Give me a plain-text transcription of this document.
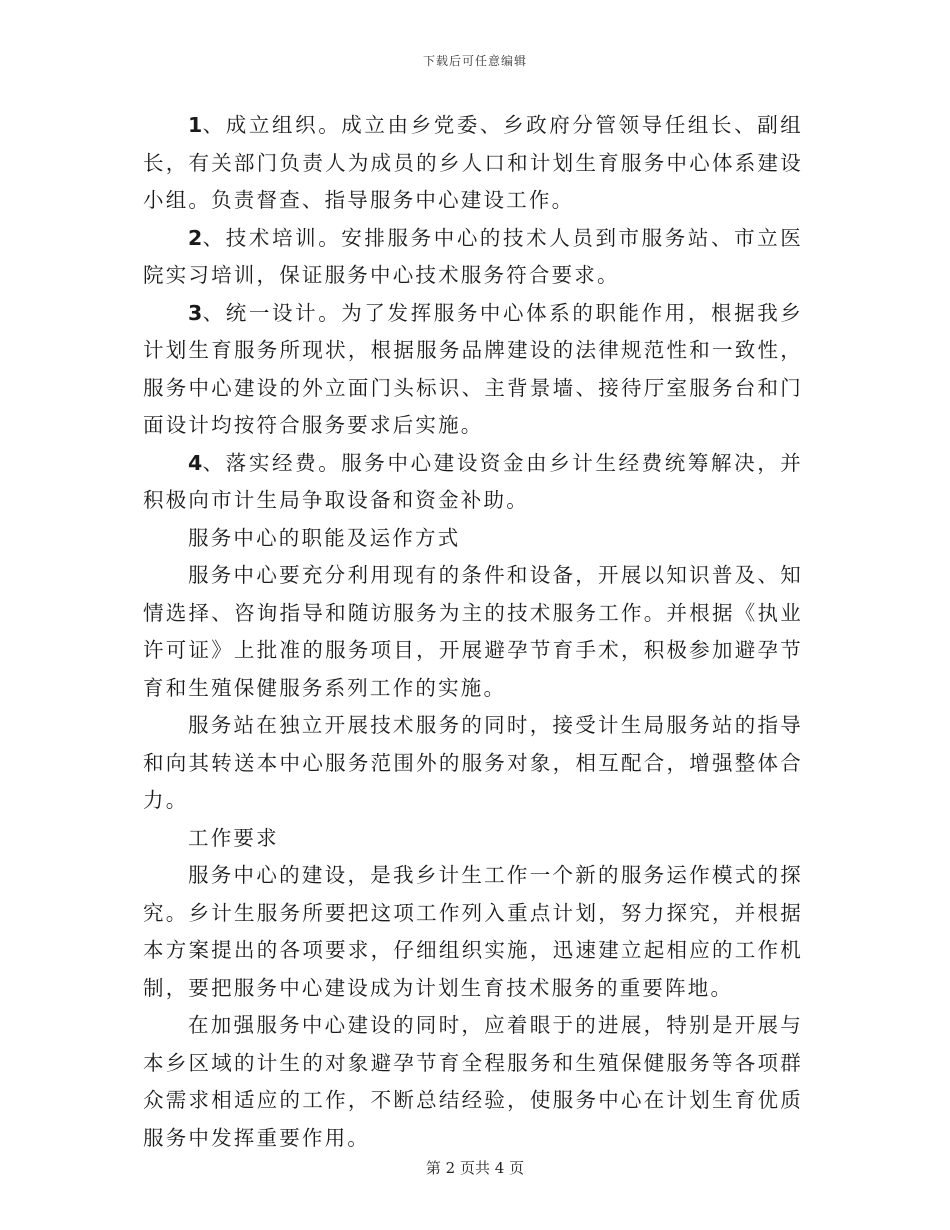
下载后可任意编辑

1、成立组织。成立由乡党委、乡政府分管领导任组长、副组长，有关部门负责人为成员的乡人口和计划生育服务中心体系建设小组。负责督查、指导服务中心建设工作。

2、技术培训。安排服务中心的技术人员到市服务站、市立医院实习培训，保证服务中心技术服务符合要求。

3、统一设计。为了发挥服务中心体系的职能作用，根据我乡计划生育服务所现状，根据服务品牌建设的法律规范性和一致性，服务中心建设的外立面门头标识、主背景墙、接待厅室服务台和门面设计均按符合服务要求后实施。

4、落实经费。服务中心建设资金由乡计生经费统筹解决，并积极向市计生局争取设备和资金补助。

服务中心的职能及运作方式

服务中心要充分利用现有的条件和设备，开展以知识普及、知情选择、咨询指导和随访服务为主的技术服务工作。并根据《执业许可证》上批准的服务项目，开展避孕节育手术，积极参加避孕节育和生殖保健服务系列工作的实施。

服务站在独立开展技术服务的同时，接受计生局服务站的指导和向其转送本中心服务范围外的服务对象，相互配合，增强整体合力。

工作要求

服务中心的建设，是我乡计生工作一个新的服务运作模式的探究。乡计生服务所要把这项工作列入重点计划，努力探究，并根据本方案提出的各项要求，仔细组织实施，迅速建立起相应的工作机制，要把服务中心建设成为计划生育技术服务的重要阵地。

在加强服务中心建设的同时，应着眼于的进展，特别是开展与本乡区域的计生的对象避孕节育全程服务和生殖保健服务等各项群众需求相适应的工作，不断总结经验，使服务中心在计划生育优质服务中发挥重要作用。

第 2 页共 4 页
